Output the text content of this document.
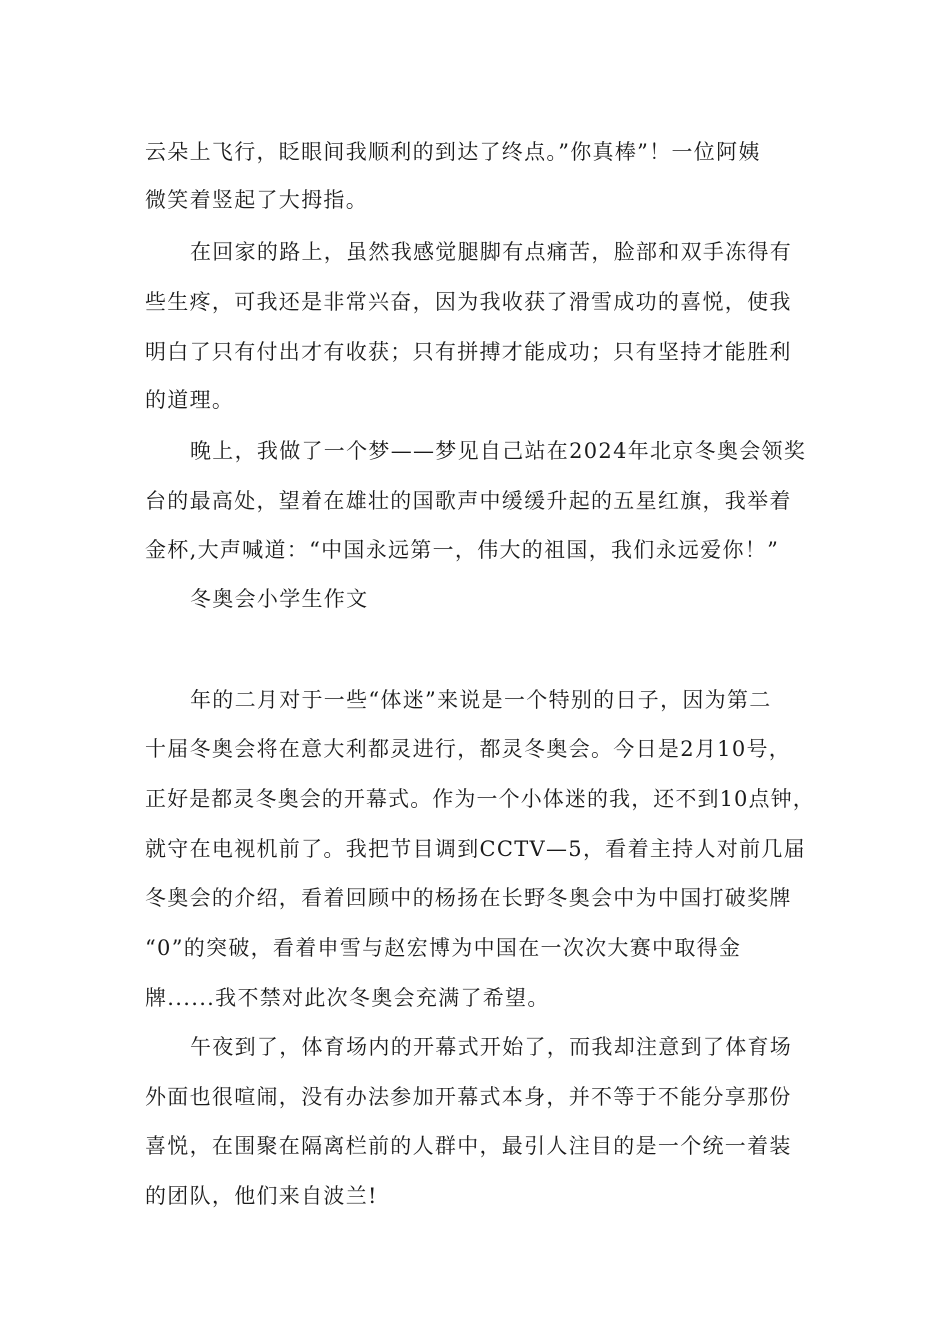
云朵上飞行，眨眼间我顺利的到达了终点。”你真棒”！一位阿姨
微笑着竖起了大拇指。
在回家的路上，虽然我感觉腿脚有点痛苦，脸部和双手冻得有
些生疼，可我还是非常兴奋，因为我收获了滑雪成功的喜悦，使我
明白了只有付出才有收获；只有拼搏才能成功；只有坚持才能胜利
的道理。
晚上，我做了一个梦——梦见自己站在2024年北京冬奥会领奖
台的最高处，望着在雄壮的国歌声中缓缓升起的五星红旗，我举着
金杯,大声喊道：“中国永远第一，伟大的祖国，我们永远爱你！”
冬奥会小学生作文
年的二月对于一些“体迷”来说是一个特别的日子，因为第二
十届冬奥会将在意大利都灵进行，都灵冬奥会。今日是2月10号，
正好是都灵冬奥会的开幕式。作为一个小体迷的我，还不到10点钟，
就守在电视机前了。我把节目调到CCTV—5，看着主持人对前几届
冬奥会的介绍，看着回顾中的杨扬在长野冬奥会中为中国打破奖牌
“0”的突破，看着申雪与赵宏博为中国在一次次大赛中取得金
牌......我不禁对此次冬奥会充满了希望。
午夜到了，体育场内的开幕式开始了，而我却注意到了体育场
外面也很喧闹，没有办法参加开幕式本身，并不等于不能分享那份
喜悦，在围聚在隔离栏前的人群中，最引人注目的是一个统一着装
的团队，他们来自波兰!
